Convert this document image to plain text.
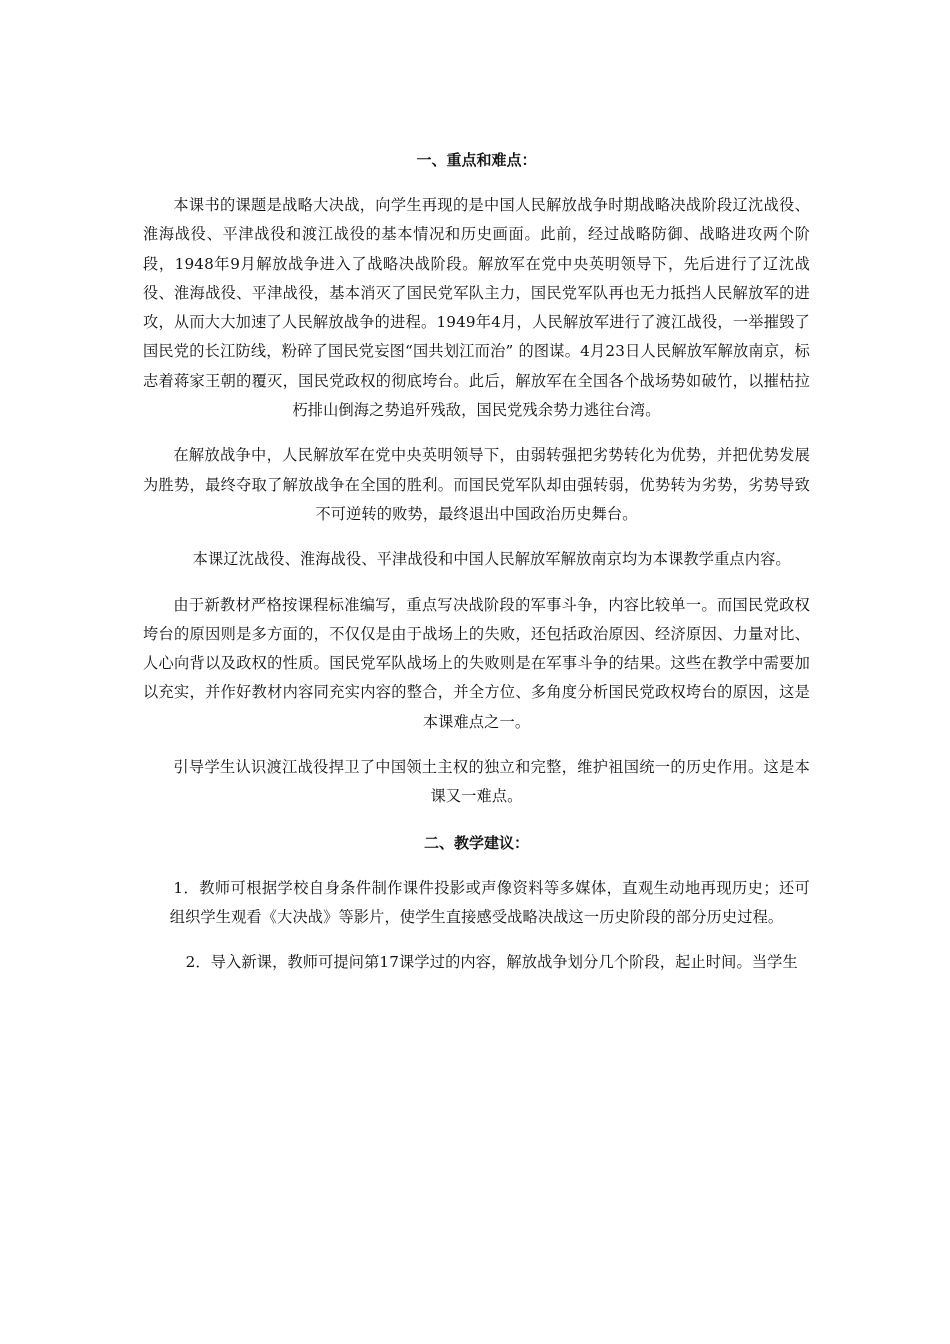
一、重点和难点：

本课书的课题是战略大决战，向学生再现的是中国人民解放战争时期战略决战阶段辽沈战役、淮海战役、平津战役和渡江战役的基本情况和历史画面。此前，经过战略防御、战略进攻两个阶段，1948年9月解放战争进入了战略决战阶段。解放军在党中央英明领导下，先后进行了辽沈战役、淮海战役、平津战役，基本消灭了国民党军队主力，国民党军队再也无力抵挡人民解放军的进攻，从而大大加速了人民解放战争的进程。1949年4月，人民解放军进行了渡江战役，一举摧毁了国民党的长江防线，粉碎了国民党妄图“国共划江而治” 的图谋。4月23日人民解放军解放南京，标志着蒋家王朝的覆灭，国民党政权的彻底垮台。此后，解放军在全国各个战场势如破竹，以摧枯拉朽排山倒海之势追歼残敌，国民党残余势力逃往台湾。

在解放战争中，人民解放军在党中央英明领导下，由弱转强把劣势转化为优势，并把优势发展为胜势，最终夺取了解放战争在全国的胜利。而国民党军队却由强转弱，优势转为劣势，劣势导致不可逆转的败势，最终退出中国政治历史舞台。

本课辽沈战役、淮海战役、平津战役和中国人民解放军解放南京均为本课教学重点内容。

由于新教材严格按课程标准编写，重点写决战阶段的军事斗争，内容比较单一。而国民党政权垮台的原因则是多方面的，不仅仅是由于战场上的失败，还包括政治原因、经济原因、力量对比、人心向背以及政权的性质。国民党军队战场上的失败则是在军事斗争的结果。这些在教学中需要加以充实，并作好教材内容同充实内容的整合，并全方位、多角度分析国民党政权垮台的原因，这是本课难点之一。

引导学生认识渡江战役捍卫了中国领土主权的独立和完整，维护祖国统一的历史作用。这是本课又一难点。

二、教学建议：

1．教师可根据学校自身条件制作课件投影或声像资料等多媒体，直观生动地再现历史；还可组织学生观看《大决战》等影片，使学生直接感受战略决战这一历史阶段的部分历史过程。

2．导入新课，教师可提问第17课学过的内容，解放战争划分几个阶段，起止时间。当学生
